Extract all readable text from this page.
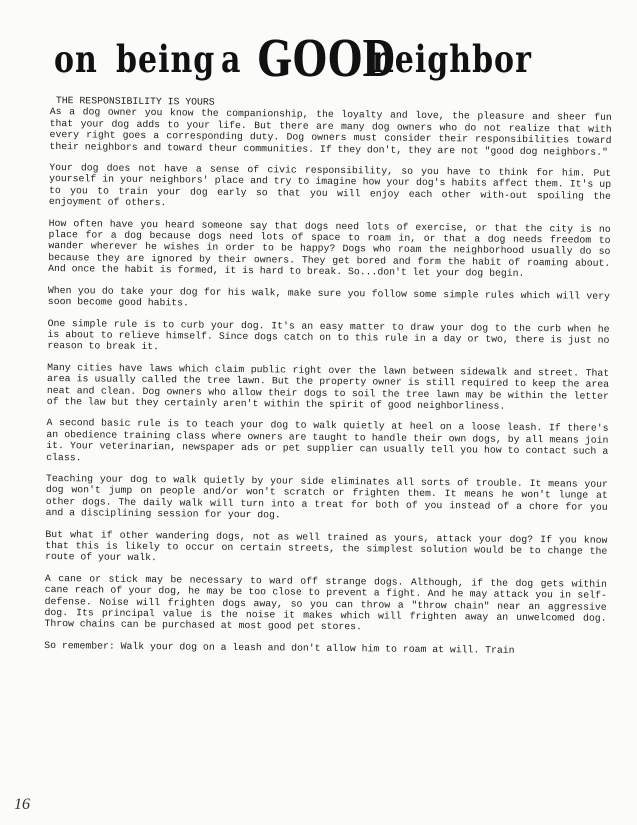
on being a GOOD
neighbor

THE RESPONSIBILITY IS YOURS

As a dog owner you know the companionship, the loyalty and love, the pleasure and sheer fun that your dog adds to your life. But there are many dog owners who do not realize that with every right goes a corresponding duty. Dog owners must consider their responsibilities toward their neighbors and toward theur communities. If they don't, they are not "good dog neighbors."

Your dog does not have a sense of civic responsibility, so you have to think for him. Put yourself in your neighbors' place and try to imagine how your dog's habits affect them. It's up to you to train your dog early so that you will enjoy each other with-out spoiling the enjoyment of others.

How often have you heard someone say that dogs need lots of exercise, or that the city is no place for a dog because dogs need lots of space to roam in, or that a dog needs freedom to wander wherever he wishes in order to be happy? Dogs who roam the neighborhood usually do so because they are ignored by their owners. They get bored and form the habit of roaming about. And once the habit is formed, it is hard to break. So...don't let your dog begin.

When you do take your dog for his walk, make sure you follow some simple rules which will very soon become good habits.

One simple rule is to curb your dog. It's an easy matter to draw your dog to the curb when he is about to relieve himself. Since dogs catch on to this rule in a day or two, there is just no reason to break it.

Many cities have laws which claim public right over the lawn between sidewalk and street. That area is usually called the tree lawn. But the property owner is still required to keep the area neat and clean. Dog owners who allow their dogs to soil the tree lawn may be within the letter of the law but they certainly aren't within the spirit of good neighborliness.

A second basic rule is to teach your dog to walk quietly at heel on a loose leash. If there's an obedience training class where owners are taught to handle their own dogs, by all means join it. Your veterinarian, newspaper ads or pet supplier can usually tell you how to contact such a class.

Teaching your dog to walk quietly by your side eliminates all sorts of trouble. It means your dog won't jump on people and/or won't scratch or frighten them. It means he won't lunge at other dogs. The daily walk will turn into a treat for both of you instead of a chore for you and a disciplining session for your dog.

But what if other wandering dogs, not as well trained as yours, attack your dog? If you know that this is likely to occur on certain streets, the simplest solution would be to change the route of your walk.

A cane or stick may be necessary to ward off strange dogs. Although, if the dog gets within cane reach of your dog, he may be too close to prevent a fight. And he may attack you in self-defense. Noise will frighten dogs away, so you can throw a "throw chain" near an aggressive dog. Its principal value is the noise it makes which will frighten away an unwelcomed dog. Throw chains can be purchased at most good pet stores.

So remember: Walk your dog on a leash and don't allow him to roam at will. Train

16
